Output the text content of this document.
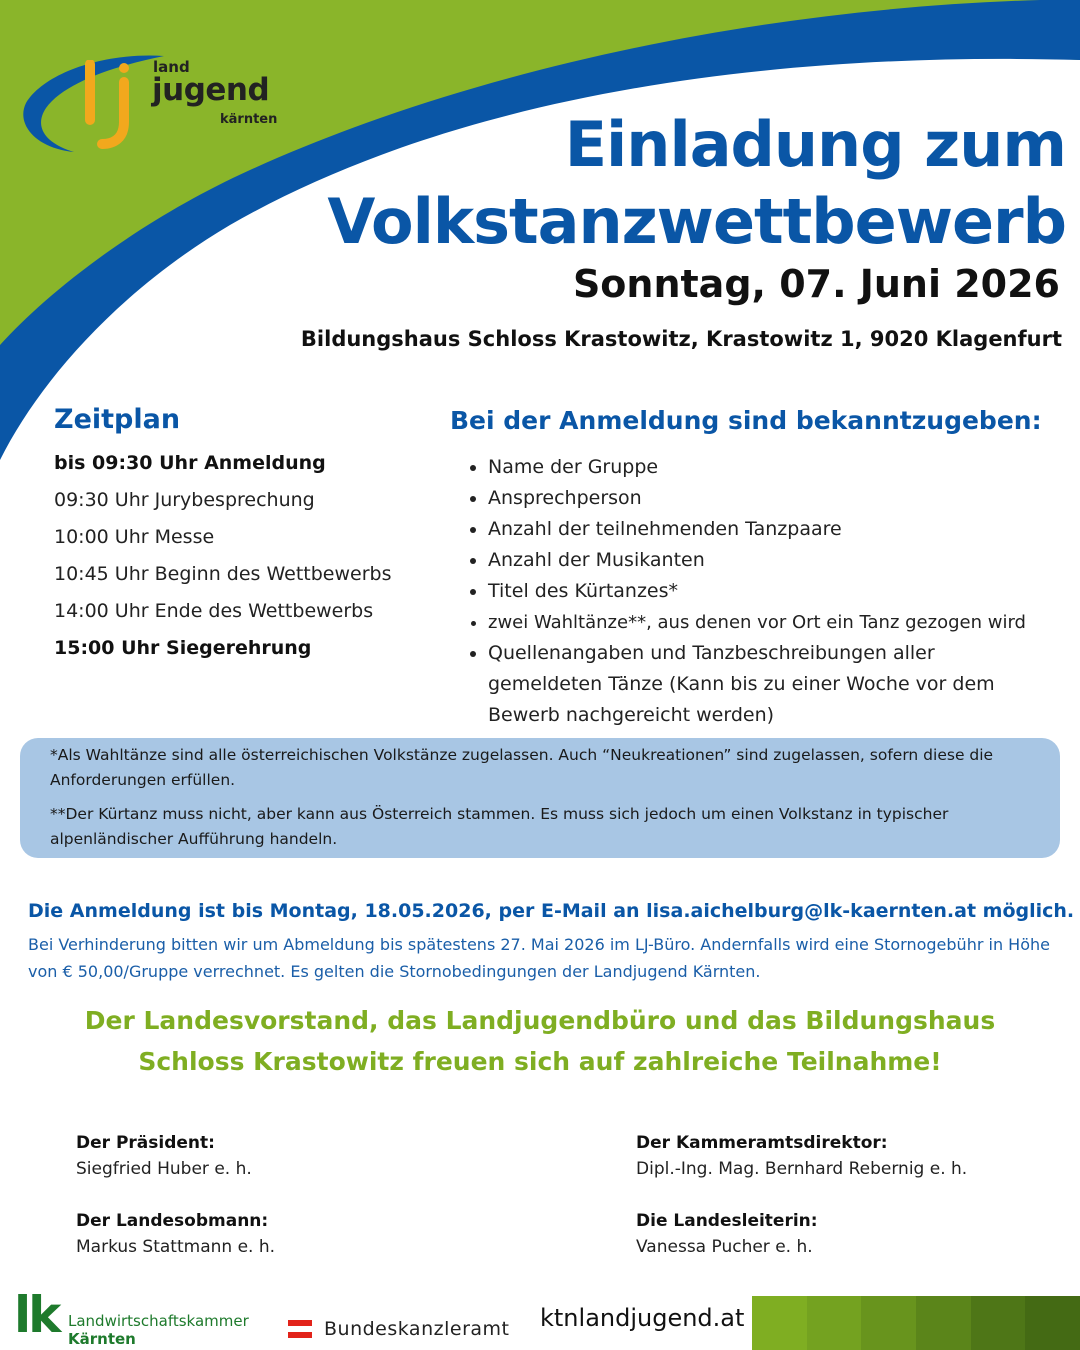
land
jugend
kärnten	Einladung zum
Volkstanzwettbewerb
Sonntag, 07. Juni 2026
Bildungshaus Schloss Krastowitz, Krastowitz 1, 9020 Klagenfurt
Zeitplan
bis 09:30 Uhr Anmeldung
09:30 Uhr Jurybesprechung
10:00 Uhr Messe
10:45 Uhr Beginn des Wettbewerbs
14:00 Uhr Ende des Wettbewerbs
15:00 Uhr Siegerehrung
Bei der Anmeldung sind bekanntzugeben:
• Name der Gruppe
• Ansprechperson
• Anzahl der teilnehmenden Tanzpaare
• Anzahl der Musikanten
• Titel des Kürtanzes*
• zwei Wahltänze**, aus denen vor Ort ein Tanz gezogen wird
• Quellenangaben und Tanzbeschreibungen aller gemeldeten Tänze (Kann bis zu einer Woche vor dem Bewerb nachgereicht werden)
*Als Wahltänze sind alle österreichischen Volkstänze zugelassen. Auch “Neukreationen” sind zugelassen, sofern diese die Anforderungen erfüllen.
**Der Kürtanz muss nicht, aber kann aus Österreich stammen. Es muss sich jedoch um einen Volkstanz in typischer alpenländischer Aufführung handeln.
Die Anmeldung ist bis Montag, 18.05.2026, per E-Mail an lisa.aichelburg@lk-kaernten.at möglich.
Bei Verhinderung bitten wir um Abmeldung bis spätestens 27. Mai 2026 im LJ-Büro. Andernfalls wird eine Stornogebühr in Höhe von € 50,00/Gruppe verrechnet. Es gelten die Stornobedingungen der Landjugend Kärnten.
Der Landesvorstand, das Landjugendbüro und das Bildungshaus
Schloss Krastowitz freuen sich auf zahlreiche Teilnahme!
Der Präsident:
Siegfried Huber e. h.
Der Kammeramtsdirektor:
Dipl.-Ing. Mag. Bernhard Rebernig e. h.
Der Landesobmann:
Markus Stattmann e. h.
Die Landesleiterin:
Vanessa Pucher e. h.
lk Landwirtschaftskammer
Kärnten	Bundeskanzleramt ktnlandjugend.at
